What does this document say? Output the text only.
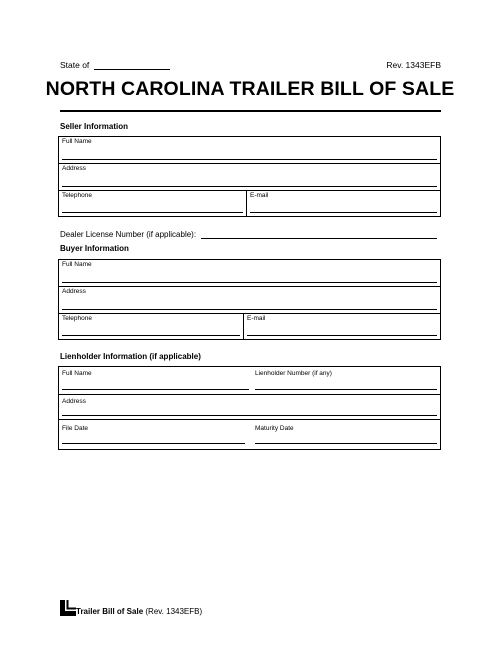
State of	Rev. 1343EFB
NORTH CAROLINA TRAILER BILL OF SALE
Seller Information
Full Name
Address
Telephone	E-mail
Dealer License Number (if applicable):
Buyer Information
Full Name
Address
Telephone	E-mail
Lienholder Information (if applicable)
Full Name	Lienholder Number (if any)
Address
File Date	Maturity Date
Trailer Bill of Sale (Rev. 1343EFB)
